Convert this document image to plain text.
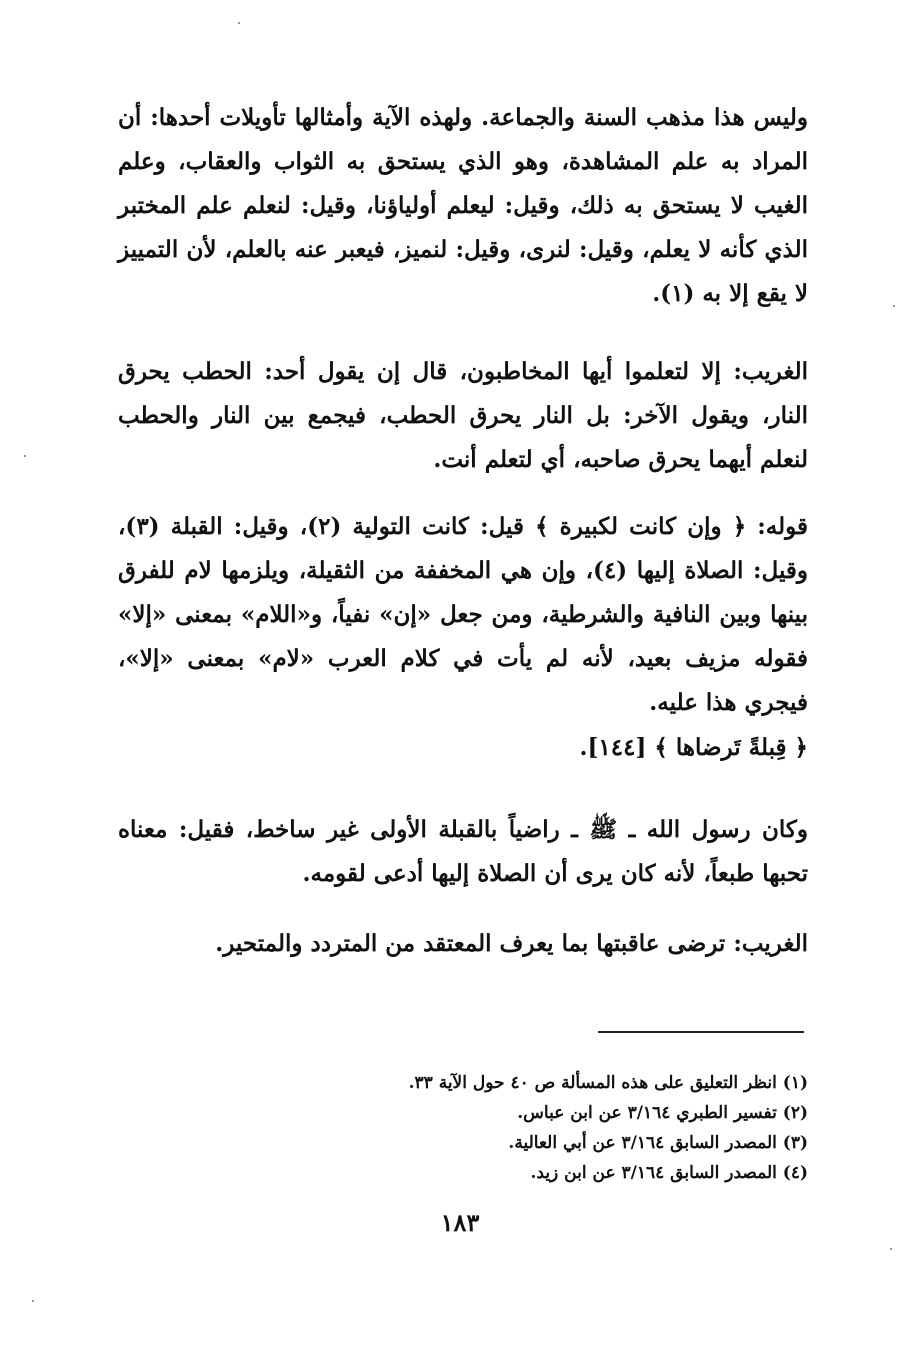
وليس هذا مذهب السنة والجماعة. ولهذه الآية وأمثالها تأويلات أحدها: أن المراد به علم المشاهدة، وهو الذي يستحق به الثواب والعقاب، وعلم الغيب لا يستحق به ذلك، وقيل: ليعلم أولياؤنا، وقيل: لنعلم علم المختبر الذي كأنه لا يعلم، وقيل: لنرى، وقيل: لنميز، فيعبر عنه بالعلم، لأن التمييز لا يقع إلا به (١).

الغريب: إلا لتعلموا أيها المخاطبون، قال إن يقول أحد: الحطب يحرق النار، ويقول الآخر: بل النار يحرق الحطب، فيجمع بين النار والحطب لنعلم أيهما يحرق صاحبه، أي لتعلم أنت.

قوله: ﴿ وإن كانت لكبيرة ﴾ قيل: كانت التولية (٢)، وقيل: القبلة (٣)، وقيل: الصلاة إليها (٤)، وإن هي المخففة من الثقيلة، ويلزمها لام للفرق بينها وبين النافية والشرطية، ومن جعل «إن» نفياً، و«اللام» بمعنى «إلا» فقوله مزيف بعيد، لأنه لم يأت في كلام العرب «لام» بمعنى «إلا»، فيجري هذا عليه.

﴿ قِبلةً تَرضاها ﴾ [١٤٤].

وكان رسول الله ـ ﷺ ـ راضياً بالقبلة الأولى غير ساخط، فقيل: معناه تحبها طبعاً، لأنه كان يرى أن الصلاة إليها أدعى لقومه.

الغريب: ترضى عاقبتها بما يعرف المعتقد من المتردد والمتحير.

(١) انظر التعليق على هذه المسألة ص ٤٠ حول الآية ٣٣.
(٢) تفسير الطبري ٣/١٦٤ عن ابن عباس.
(٣) المصدر السابق ٣/١٦٤ عن أبي العالية.
(٤) المصدر السابق ٣/١٦٤ عن ابن زيد.
١٨٣
